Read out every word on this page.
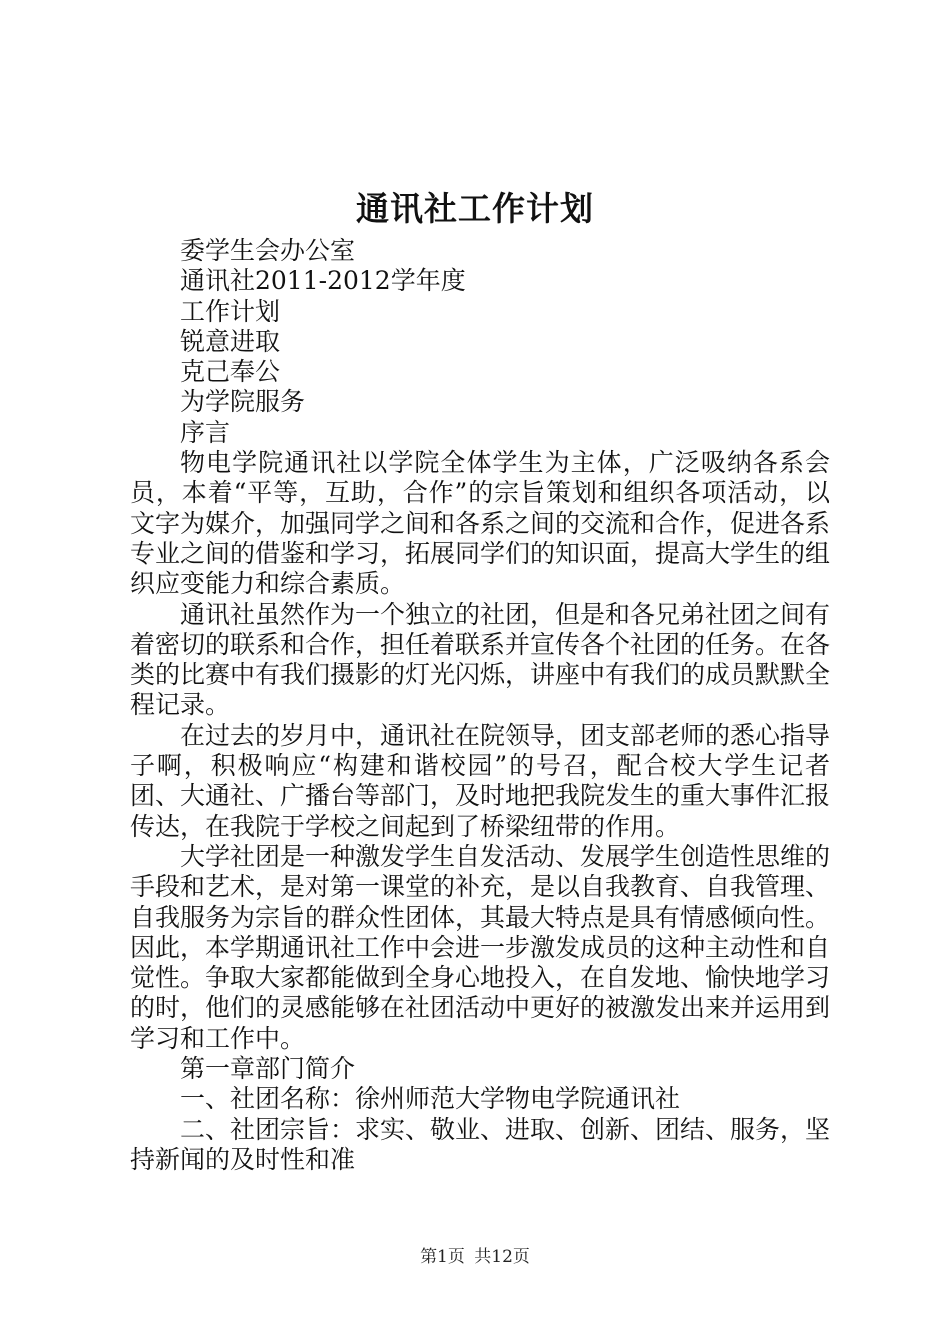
通讯社工作计划

委学生会办公室

通讯社2011-2012学年度

工作计划

锐意进取

克己奉公

为学院服务

序言

物电学院通讯社以学院全体学生为主体，广泛吸纳各系会员，本着“平等，互助，合作”的宗旨策划和组织各项活动，以文字为媒介，加强同学之间和各系之间的交流和合作，促进各系专业之间的借鉴和学习，拓展同学们的知识面，提高大学生的组织应变能力和综合素质。

通讯社虽然作为一个独立的社团，但是和各兄弟社团之间有着密切的联系和合作，担任着联系并宣传各个社团的任务。在各类的比赛中有我们摄影的灯光闪烁，讲座中有我们的成员默默全程记录。

在过去的岁月中，通讯社在院领导，团支部老师的悉心指导子啊，积极响应“构建和谐校园”的号召，配合校大学生记者团、大通社、广播台等部门，及时地把我院发生的重大事件汇报传达，在我院于学校之间起到了桥梁纽带的作用。

大学社团是一种激发学生自发活动、发展学生创造性思维的手段和艺术，是对第一课堂的补充，是以自我教育、自我管理、自我服务为宗旨的群众性团体，其最大特点是具有情感倾向性。因此，本学期通讯社工作中会进一步激发成员的这种主动性和自觉性。争取大家都能做到全身心地投入，在自发地、愉快地学习的时，他们的灵感能够在社团活动中更好的被激发出来并运用到学习和工作中。

第一章部门简介

一、社团名称：徐州师范大学物电学院通讯社

二、社团宗旨：求实、敬业、进取、创新、团结、服务，坚持新闻的及时性和准

第1页 共12页
